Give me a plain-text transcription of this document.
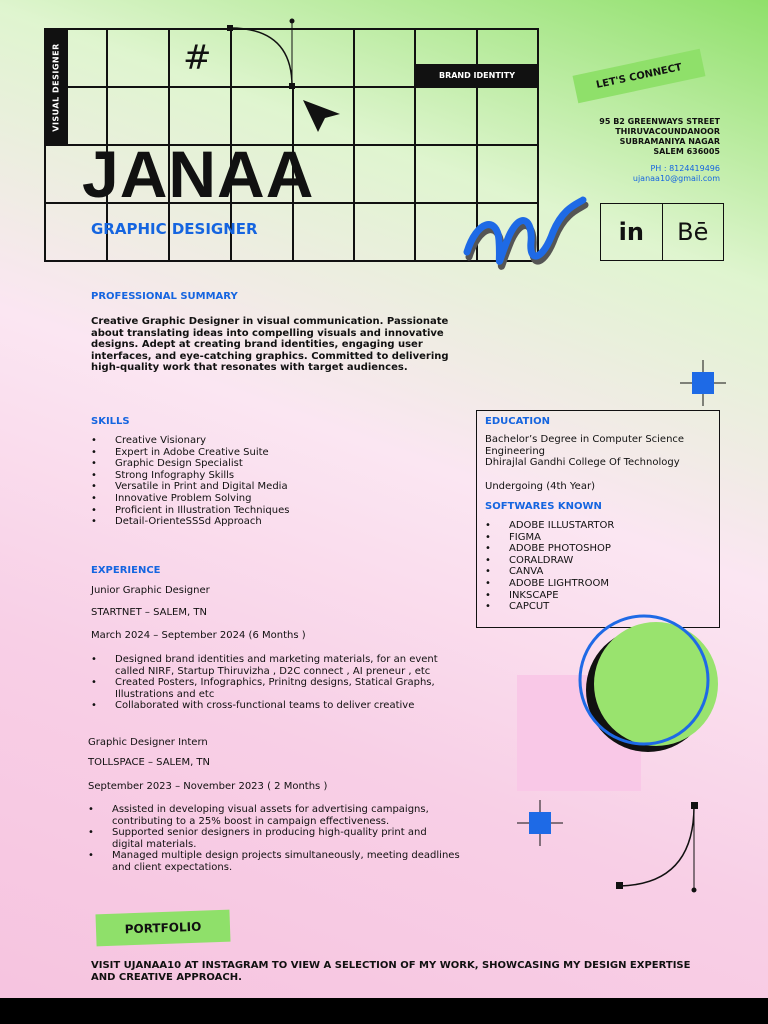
VISUAL DESIGNER	BRAND IDENTITY
#
JANAA
GRAPHIC DESIGNER
LET'S CONNECT
95 B2 GREENWAYS STREET
THIRUVACOUNDANOOR
SUBRAMANIYA NAGAR
SALEM 636005
PH : 8124419496
ujanaa10@gmail.com
in	Bē
PROFESSIONAL SUMMARY
Creative Graphic Designer in visual communication. Passionate about translating ideas into compelling visuals and innovative designs. Adept at creating brand identities, engaging user interfaces, and eye-catching graphics. Committed to delivering high-quality work that resonates with target audiences.
SKILLS
• Creative Visionary
• Expert in Adobe Creative Suite
• Graphic Design Specialist
• Strong Infography Skills
• Versatile in Print and Digital Media
• Innovative Problem Solving
• Proficient in Illustration Techniques
• Detail-OrienteSSSd Approach
EDUCATION
Bachelor’s Degree in Computer Science
Engineering
Dhirajlal Gandhi College Of Technology
Undergoing (4th Year)
SOFTWARES KNOWN
• ADOBE ILLUSTARTOR
• FIGMA
• ADOBE PHOTOSHOP
• CORALDRAW
• CANVA
• ADOBE LIGHTROOM
• INKSCAPE
• CAPCUT
EXPERIENCE
Junior Graphic Designer
STARTNET – SALEM, TN
March 2024 – September 2024 (6 Months )
• Designed brand identities and marketing materials, for an event called NIRF, Startup Thiruvizha , D2C connect , AI preneur , etc
• Created Posters, Infographics, Prinitng designs, Statical Graphs, Illustrations and etc
• Collaborated with cross-functional teams to deliver creative
Graphic Designer Intern
TOLLSPACE – SALEM, TN
September 2023 – November 2023 ( 2 Months )
• Assisted in developing visual assets for advertising campaigns, contributing to a 25% boost in campaign effectiveness.
• Supported senior designers in producing high-quality print and digital materials.
• Managed multiple design projects simultaneously, meeting deadlines and client expectations.
PORTFOLIO
VISIT UJANAA10 AT INSTAGRAM TO VIEW A SELECTION OF MY WORK, SHOWCASING MY DESIGN EXPERTISE AND CREATIVE APPROACH.
